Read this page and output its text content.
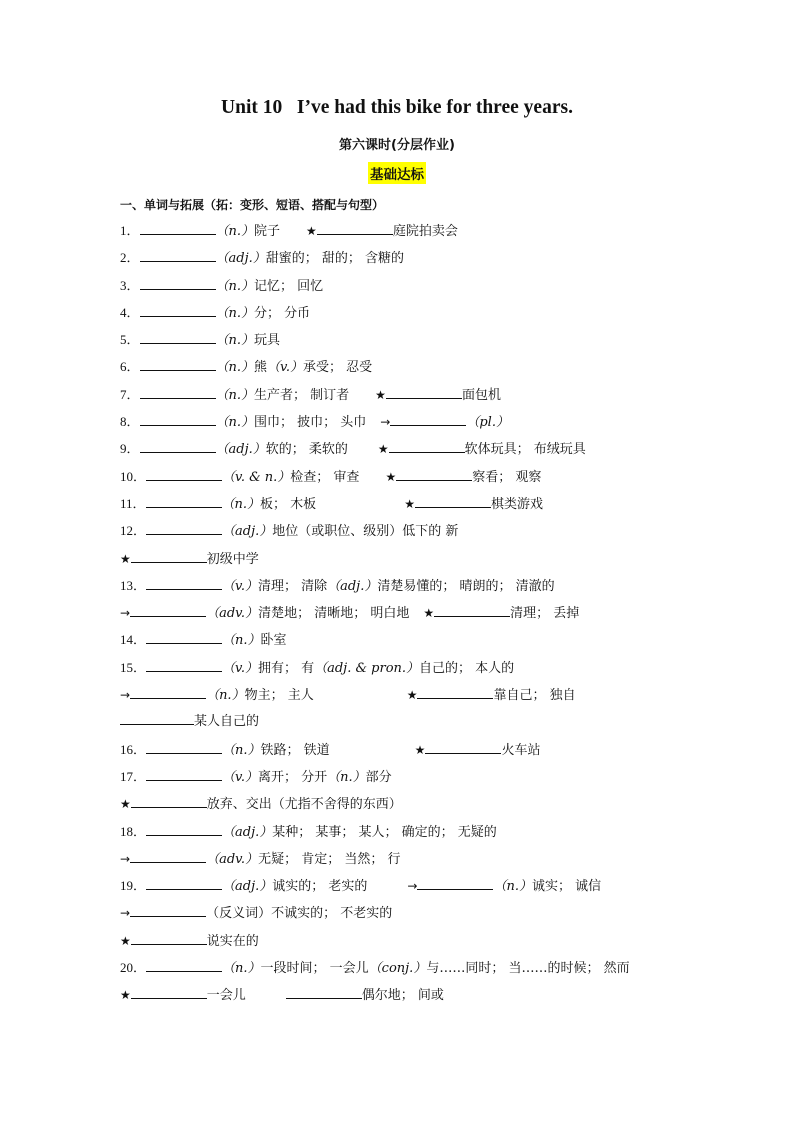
Unit 10   I’ve had this bike for three years.
第六课时(分层作业)
基础达标
一、单词与拓展（拓：变形、短语、搭配与句型）
1．	（n.）院子 ★	庭院拍卖会
2．	（adj.）甜蜜的； 甜的； 含糖的
3．	（n.）记忆； 回忆
4．	（n.）分； 分币
5．	（n.）玩具
6．	（n.）熊（v.）承受； 忍受
7．	（n.）生产者； 制订者 ★	面包机
8．	（n.）围巾； 披巾； 头巾 →	（pl.）
9．	（adj.）软的； 柔软的	★	软体玩具； 布绒玩具
10．	（v. & n.）检查； 审查 ★	察看； 观察
11．	（n.）板； 木板	★	棋类游戏
12．	（adj.）地位（或职位、级别）低下的 新
★	初级中学
13．	（v.）清理； 清除（adj.）清楚易懂的； 晴朗的； 清澈的
→	（adv.）清楚地； 清晰地； 明白地 ★	清理； 丢掉
14．	（n.）卧室
15．	（v.）拥有； 有（adj. & pron.）自己的； 本人的
→	（n.）物主； 主人	★	靠自己； 独自
某人自己的
16．	（n.）铁路； 铁道	★	火车站
17．	（v.）离开； 分开（n.）部分
★	放弃、交出（尤指不舍得的东西）
18．	（adj.）某种； 某事； 某人； 确定的； 无疑的
→	（adv.）无疑； 肯定； 当然； 行
19．	（adj.）诚实的； 老实的	→	（n.）诚实； 诚信
→	（反义词）不诚实的； 不老实的
★	说实在的
20．	（n.）一段时间； 一会儿（conj.）与……同时； 当……的时候； 然而
★	一会儿	偶尔地； 间或
